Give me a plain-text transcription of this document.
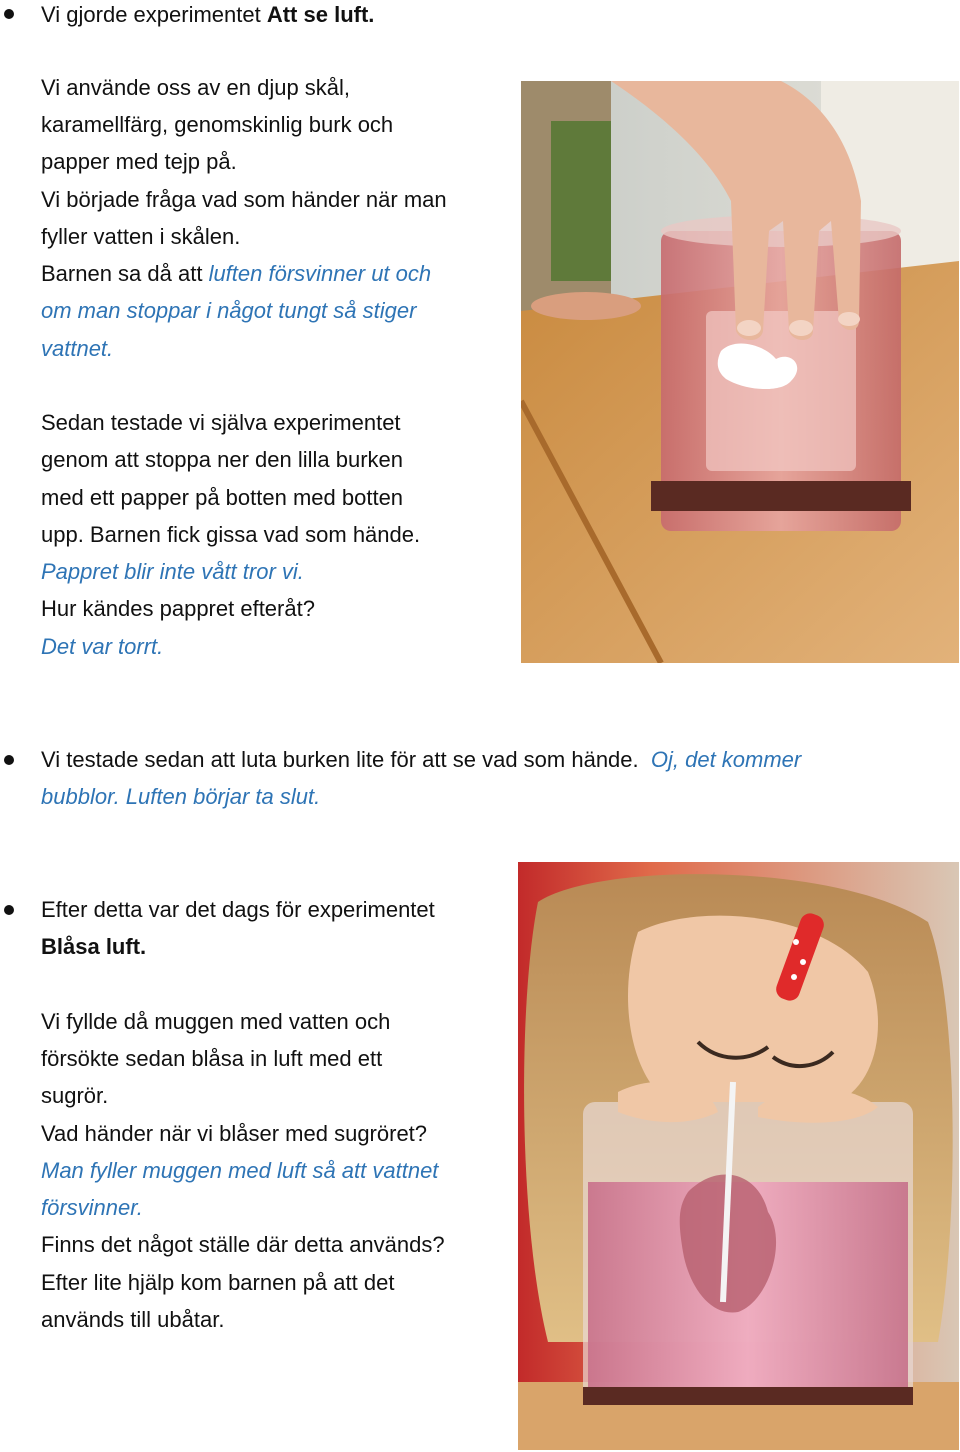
Vi gjorde experimentet Att se luft.
Vi använde oss av en djup skål,
karamellfärg, genomskinlig burk och
papper med tejp på.
Vi började fråga vad som händer när man
fyller vatten i skålen.
Barnen sa då att luften försvinner ut och
om man stoppar i något tungt så stiger
vattnet.
Sedan testade vi själva experimentet
genom att stoppa ner den lilla burken
med ett papper på botten med botten
upp. Barnen fick gissa vad som hände.
Pappret blir inte vått tror vi.
Hur kändes pappret efteråt?
Det var torrt.
Vi testade sedan att luta burken lite för att se vad som hände. Oj, det kommer
bubblor. Luften börjar ta slut.
Efter detta var det dags för experimentet
Blåsa luft.
Vi fyllde då muggen med vatten och
försökte sedan blåsa in luft med ett
sugrör.
Vad händer när vi blåser med sugröret?
Man fyller muggen med luft så att vattnet
försvinner.
Finns det något ställe där detta används?
Efter lite hjälp kom barnen på att det
används till ubåtar.
